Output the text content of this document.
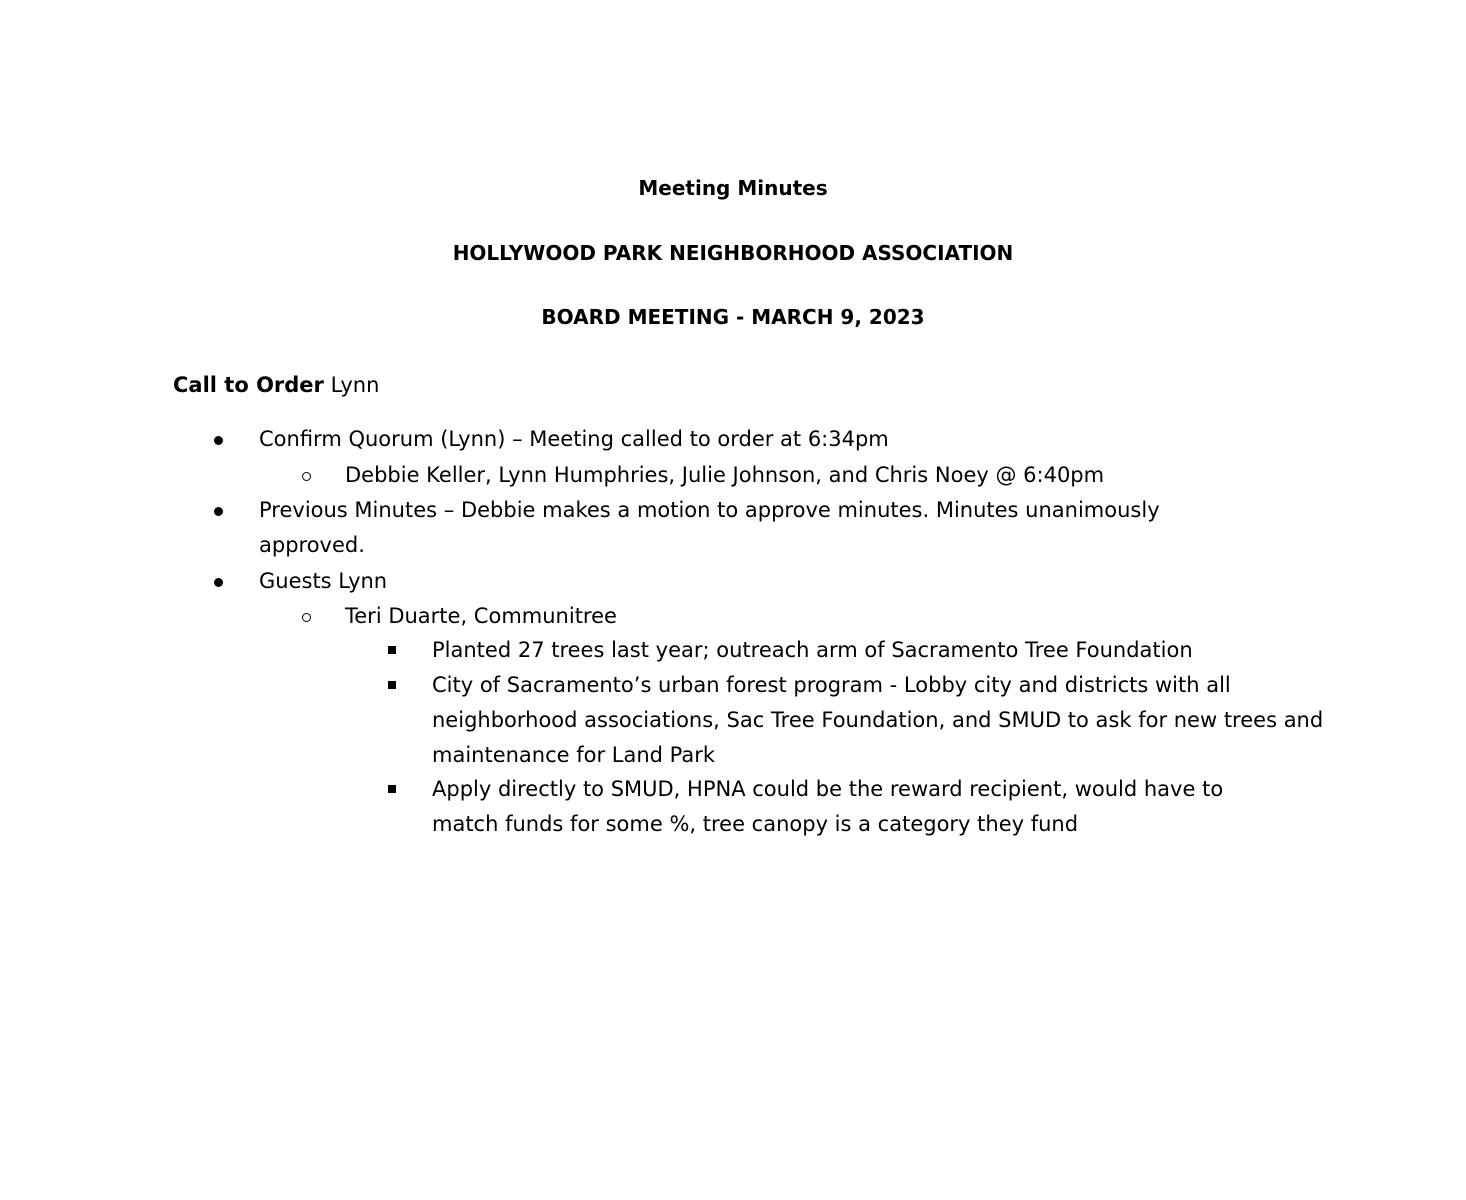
Meeting Minutes
HOLLYWOOD PARK NEIGHBORHOOD ASSOCIATION
BOARD MEETING - MARCH 9, 2023
Call to Order Lynn
Confirm Quorum (Lynn) – Meeting called to order at 6:34pm
Debbie Keller, Lynn Humphries, Julie Johnson, and Chris Noey @ 6:40pm
Previous Minutes – Debbie makes a motion to approve minutes. Minutes unanimously approved.
Guests Lynn
Teri Duarte, Communitree
Planted 27 trees last year; outreach arm of Sacramento Tree Foundation
City of Sacramento’s urban forest program - Lobby city and districts with all neighborhood associations, Sac Tree Foundation, and SMUD to ask for new trees and maintenance for Land Park
Apply directly to SMUD, HPNA could be the reward recipient, would have to match funds for some %, tree canopy is a category they fund
